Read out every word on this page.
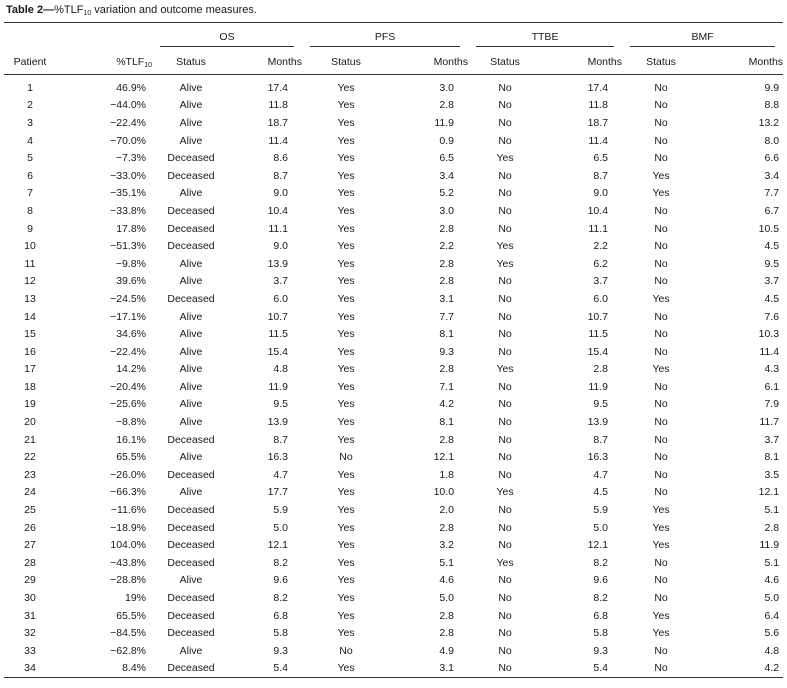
Table $2—\%TLF_{10}$ variation and outcome measures.

		OS		PFS		TTBE		BMF	

Patient	$\%TLF_{10}$	Status	Months	Status	Months	Status	Months	Status	Months
1	46.9%	Alive	17.4	Yes	3.0	No	17.4	No	9.9
2	−44.0%	Alive	11.8	Yes	2.8	No	11.8	No	8.8
3	−22.4%	Alive	18.7	Yes	11.9	No	18.7	No	13.2
4	−70.0%	Alive	11.4	Yes	0.9	No	11.4	No	8.0
5	−7.3%	Deceased	8.6	Yes	6.5	Yes	6.5	No	6.6
6	−33.0%	Deceased	8.7	Yes	3.4	No	8.7	Yes	3.4
7	−35.1%	Alive	9.0	Yes	5.2	No	9.0	Yes	7.7
8	−33.8%	Deceased	10.4	Yes	3.0	No	10.4	No	6.7
9	17.8%	Deceased	11.1	Yes	2.8	No	11.1	No	10.5
10	−51.3%	Deceased	9.0	Yes	2.2	Yes	2.2	No	4.5
11	−9.8%	Alive	13.9	Yes	2.8	Yes	6.2	No	9.5
12	39.6%	Alive	3.7	Yes	2.8	No	3.7	No	3.7
13	−24.5%	Deceased	6.0	Yes	3.1	No	6.0	Yes	4.5
14	−17.1%	Alive	10.7	Yes	7.7	No	10.7	No	7.6
15	34.6%	Alive	11.5	Yes	8.1	No	11.5	No	10.3
16	−22.4%	Alive	15.4	Yes	9.3	No	15.4	No	11.4
17	14.2%	Alive	4.8	Yes	2.8	Yes	2.8	Yes	4.3
18	−20.4%	Alive	11.9	Yes	7.1	No	11.9	No	6.1
19	−25.6%	Alive	9.5	Yes	4.2	No	9.5	No	7.9
20	−8.8%	Alive	13.9	Yes	8.1	No	13.9	No	11.7
21	16.1%	Deceased	8.7	Yes	2.8	No	8.7	No	3.7
22	65.5%	Alive	16.3	No	12.1	No	16.3	No	8.1
23	−26.0%	Deceased	4.7	Yes	1.8	No	4.7	No	3.5
24	−66.3%	Alive	17.7	Yes	10.0	Yes	4.5	No	12.1
25	−11.6%	Deceased	5.9	Yes	2.0	No	5.9	Yes	5.1
26	−18.9%	Deceased	5.0	Yes	2.8	No	5.0	Yes	2.8
27	104.0%	Deceased	12.1	Yes	3.2	No	12.1	Yes	11.9
28	−43.8%	Deceased	8.2	Yes	5.1	Yes	8.2	No	5.1
29	−28.8%	Alive	9.6	Yes	4.6	No	9.6	No	4.6
30	19%	Deceased	8.2	Yes	5.0	No	8.2	No	5.0
31	65.5%	Deceased	6.8	Yes	2.8	No	6.8	Yes	6.4
32	−84.5%	Deceased	5.8	Yes	2.8	No	5.8	Yes	5.6
33	−62.8%	Alive	9.3	No	4.9	No	9.3	No	4.8
34	8.4%	Deceased	5.4	Yes	3.1	No	5.4	No	4.2
